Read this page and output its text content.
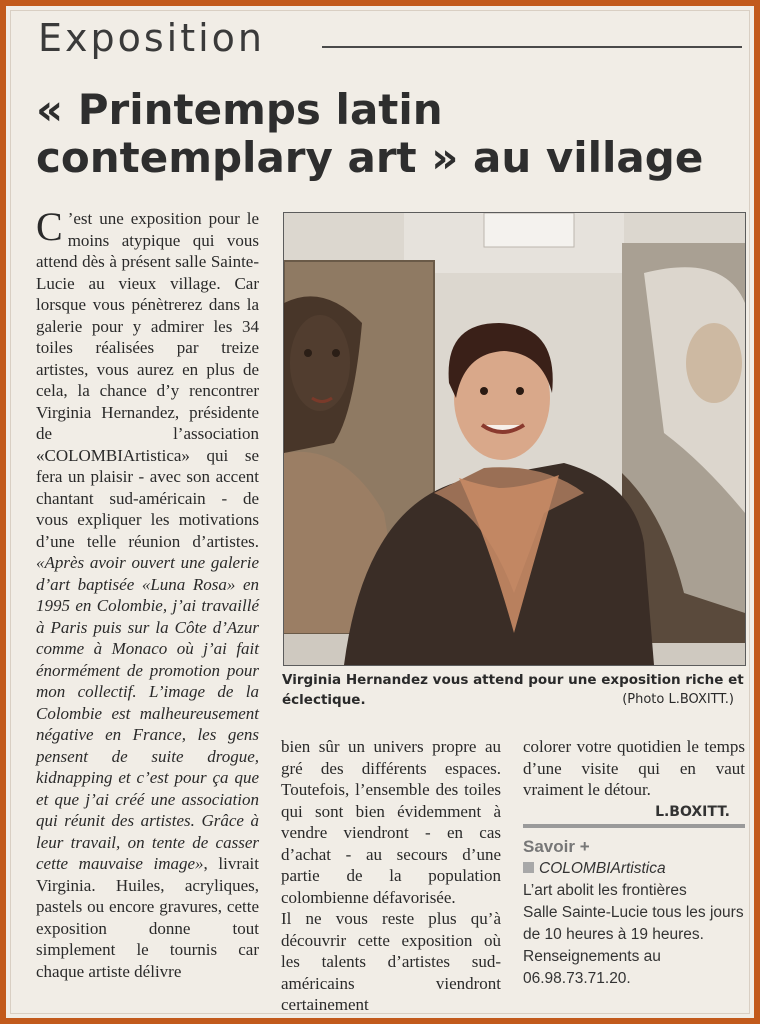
Exposition
« Printemps latin
contemplary art » au village

C ’est une exposition pour le moins atypique qui vous attend dès à présent salle Sainte-Lucie au vieux village. Car lorsque vous pénètrerez dans la galerie pour y admirer les 34 toiles réalisées par treize artistes, vous aurez en plus de cela, la chance d’y rencontrer Virginia Hernandez, présidente de l’association «COLOMBIArtistica» qui se fera un plaisir - avec son accent chantant sud-américain - de vous expliquer les motivations d’une telle réunion d’artistes. «Après avoir ouvert une galerie d’art baptisée «Luna Rosa» en 1995 en Colombie, j’ai travaillé à Paris puis sur la Côte d’Azur comme à Monaco où j’ai fait énormément de promotion pour mon collectif. L’image de la Colombie est malheureusement négative en France, les gens pensent de suite drogue, kidnapping et c’est pour ça que et que j’ai créé une association qui réunit des artistes. Grâce à leur travail, on tente de casser cette mauvaise image», livrait Virginia. Huiles, acryliques, pastels ou encore gravures, cette exposition donne tout simplement le tournis car chaque artiste délivre

Virginia Hernandez vous attend pour une exposition riche et éclectique.	(Photo L.BOXITT.)

bien sûr un univers propre au gré des différents espaces. Toutefois, l’ensemble des toiles qui sont bien évidemment à vendre viendront - en cas d’achat - au secours d’une partie de la population colombienne défavorisée.

Il ne vous reste plus qu’à découvrir cette exposition où les talents d’artistes sud-américains viendront certainement

colorer votre quotidien le temps d’une visite qui en vaut vraiment le détour.

L.BOXITT.
Savoir +
COLOMBIArtistica
L’art abolit les frontières
Salle Sainte-Lucie tous les jours
de 10 heures à 19 heures.
Renseignements au
06.98.73.71.20.
